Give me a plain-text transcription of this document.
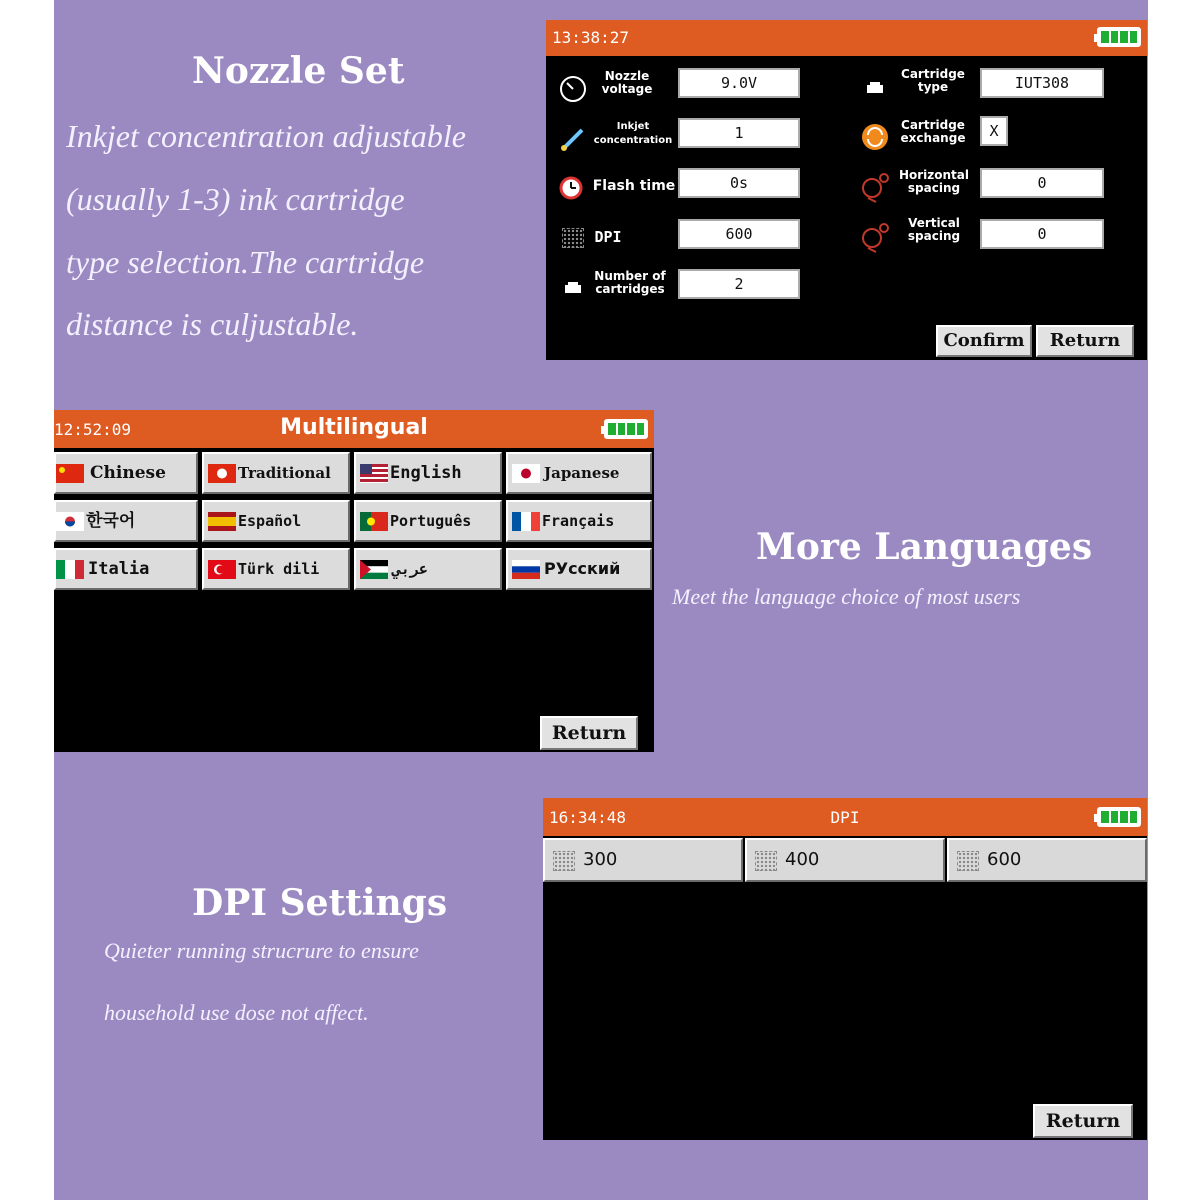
Nozzle Set
Inkjet concentration adjustable
(usually 1-3) ink cartridge
type selection.The cartridge
distance is culjustable.
13:38:27
Nozzle
voltage	9.0V
Inkjet
concentration	1
Flash time	0s
DPI	600
Number of
cartridges	2
Cartridge
type	IUT308
Cartridge
exchange	X
Horizontal
spacing	0
Vertical
spacing	0
Confirm	Return
12:52:09	Multilingual
Chinese	Traditional	English	Japanese
한국어	Español	Português	Français
Italia	Türk dili	عربي	РУсский
Return
More Languages
Meet the language choice of most users
DPI Settings
Quieter running strucrure to ensure
household use dose not affect.
16:34:48	DPI
300	400	600
Return
